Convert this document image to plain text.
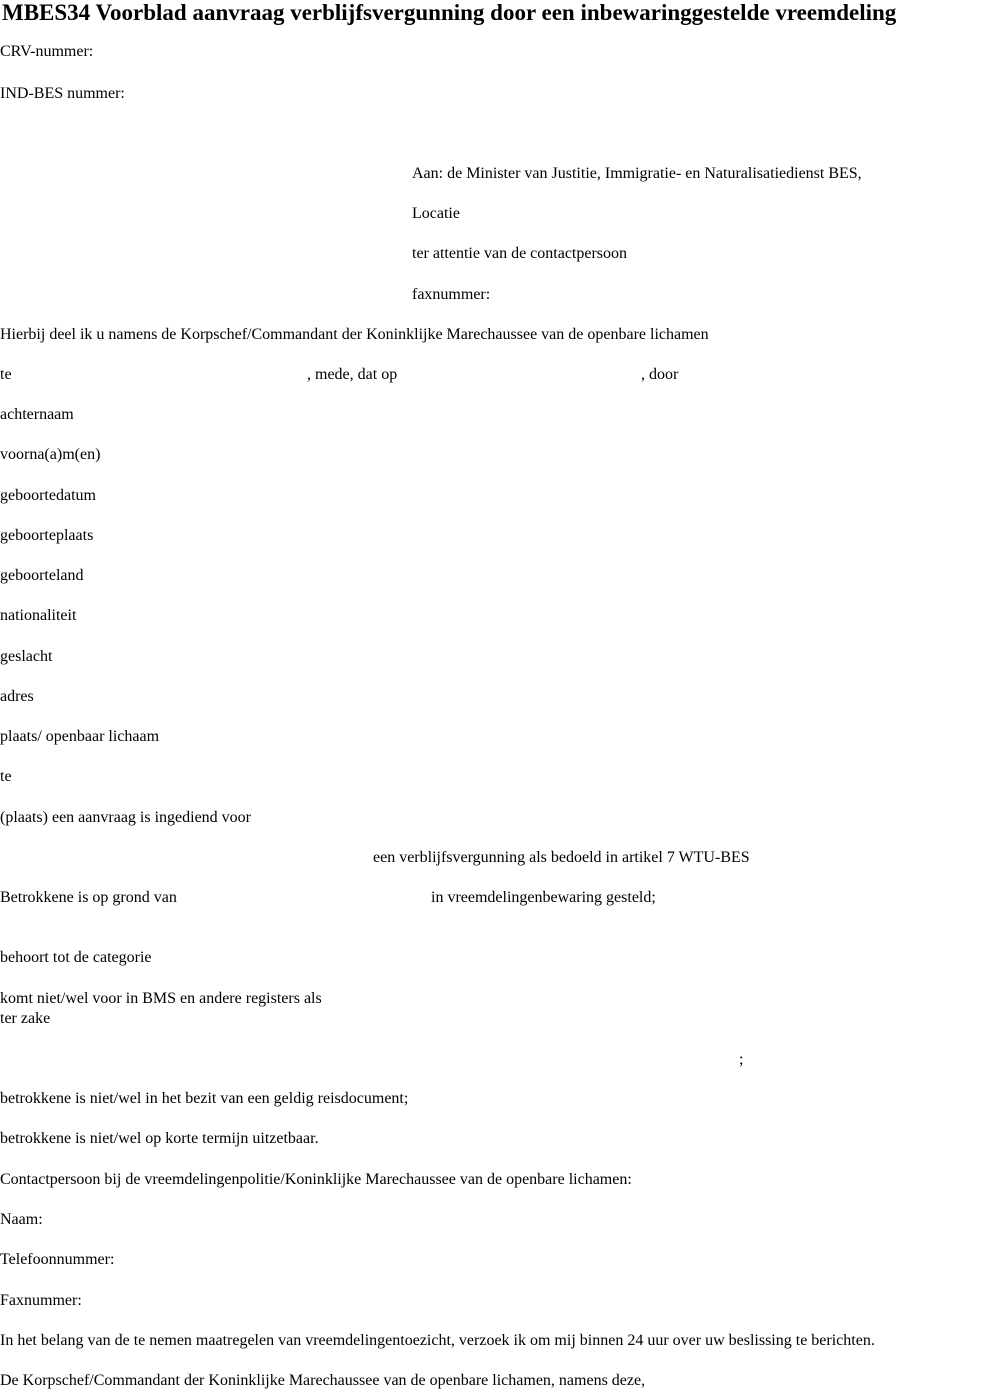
MBES34 Voorblad aanvraag verblijfsvergunning door een inbewaringgestelde vreemdeling
CRV-nummer:
IND-BES nummer:
Aan: de Minister van Justitie, Immigratie- en Naturalisatiedienst BES,
Locatie
ter attentie van de contactpersoon
faxnummer:
Hierbij deel ik u namens de Korpschef/Commandant der Koninklijke Marechaussee van de openbare lichamen
te	, mede, dat op	, door
achternaam
voorna(a)m(en)
geboortedatum
geboorteplaats
geboorteland
nationaliteit
geslacht
adres
plaats/ openbaar lichaam
te
(plaats) een aanvraag is ingediend voor
een verblijfsvergunning als bedoeld in artikel 7 WTU-BES
Betrokkene is op grond van	in vreemdelingenbewaring gesteld;
behoort tot de categorie
komt niet/wel voor in BMS en andere registers als
ter zake
;
betrokkene is niet/wel in het bezit van een geldig reisdocument;
betrokkene is niet/wel op korte termijn uitzetbaar.
Contactpersoon bij de vreemdelingenpolitie/Koninklijke Marechaussee van de openbare lichamen:
Naam:
Telefoonnummer:
Faxnummer:
In het belang van de te nemen maatregelen van vreemdelingentoezicht, verzoek ik om mij binnen 24 uur over uw beslissing te berichten.
De Korpschef/Commandant der Koninklijke Marechaussee van de openbare lichamen, namens deze,
